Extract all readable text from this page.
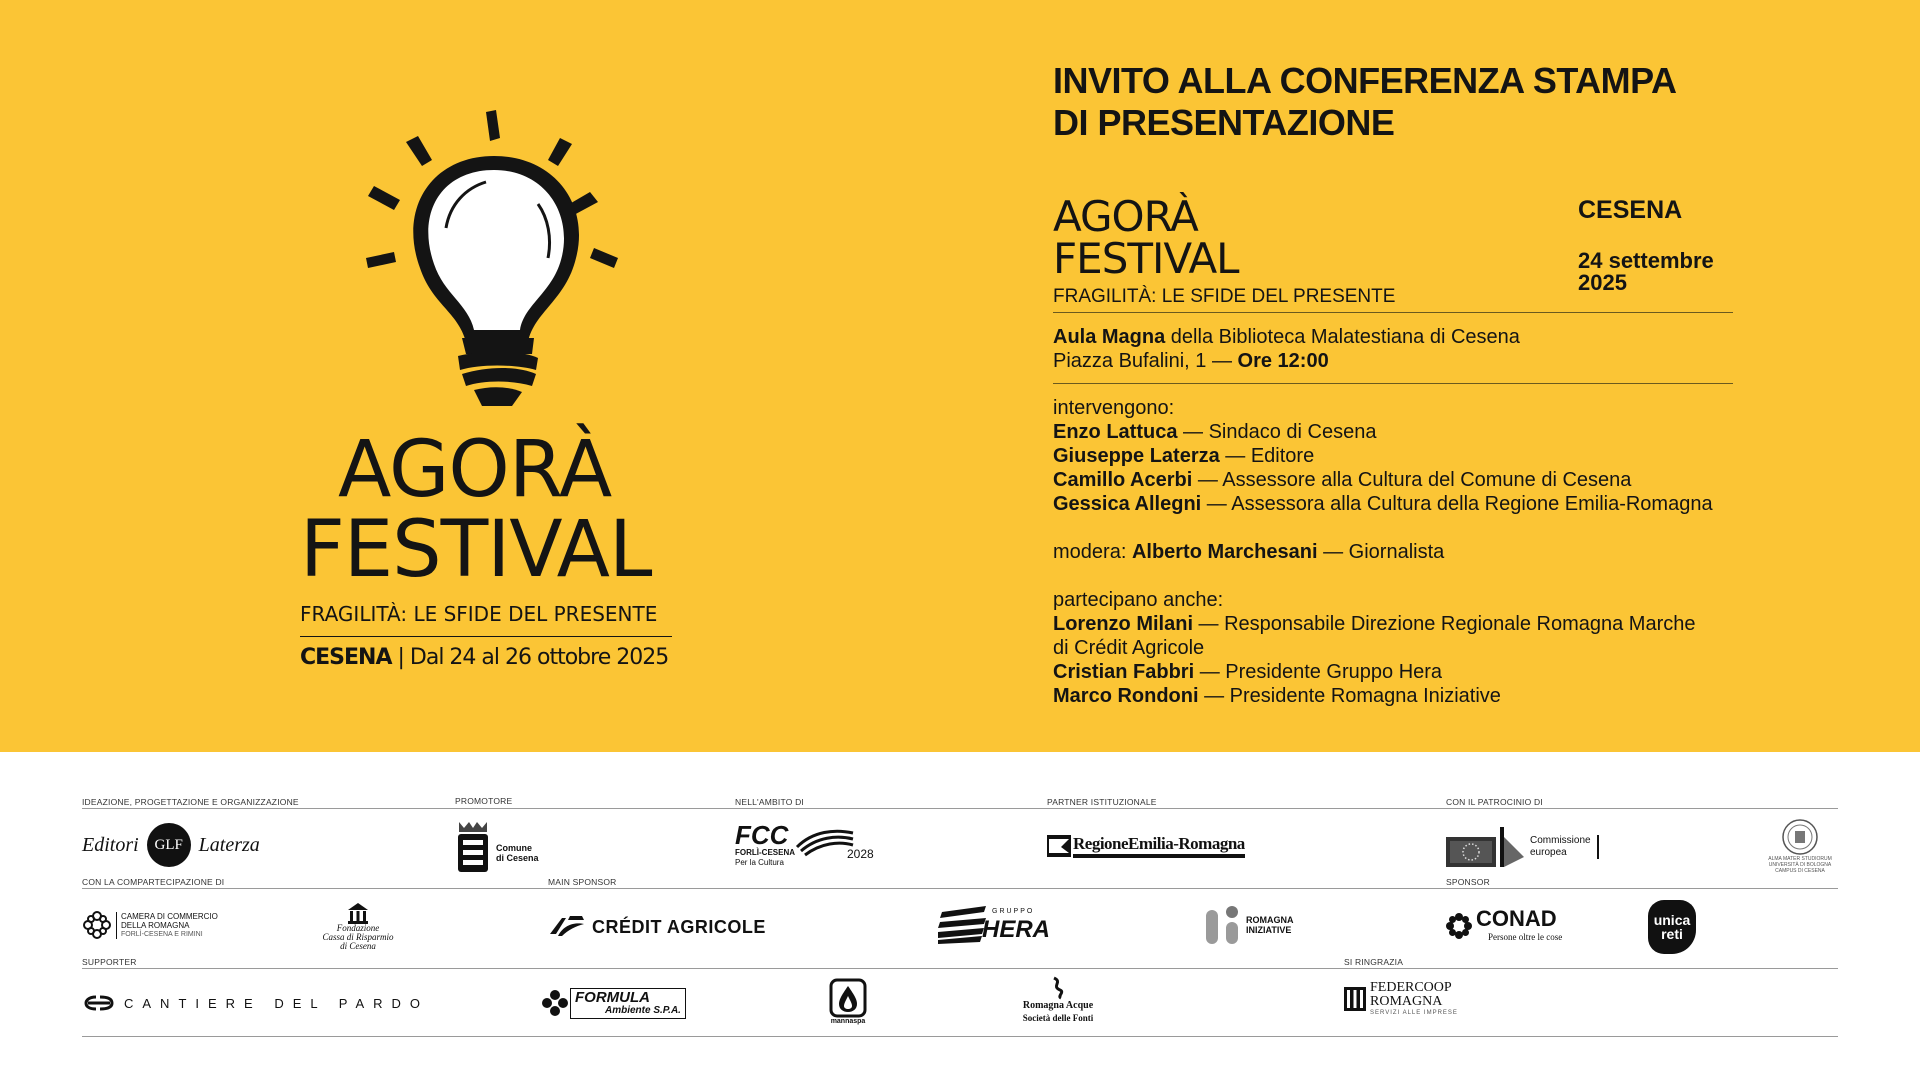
AGORÀ
FESTIVAL
FRAGILITÀ: LE SFIDE DEL PRESENTE
CESENA | Dal 24 al 26 ottobre 2025
INVITO ALLA CONFERENZA STAMPA
DI PRESENTAZIONE
AGORÀ
FESTIVAL
FRAGILITÀ: LE SFIDE DEL PRESENTE
CESENA
24 settembre
2025
Aula Magna della Biblioteca Malatestiana di Cesena
Piazza Bufalini, 1 — Ore 12:00
intervengono:
Enzo Lattuca — Sindaco di Cesena
Giuseppe Laterza — Editore
Camillo Acerbi — Assessore alla Cultura del Comune di Cesena
Gessica Allegni — Assessora alla Cultura della Regione Emilia-Romagna
modera: Alberto Marchesani — Giornalista
partecipano anche:
Lorenzo Milani — Responsabile Direzione Regionale Romagna Marche
di Crédit Agricole
Cristian Fabbri — Presidente Gruppo Hera
Marco Rondoni — Presidente Romagna Iniziative
IDEAZIONE, PROGETTAZIONE E ORGANIZZAZIONE	PROMOTORE	NELL'AMBITO DI	PARTNER ISTITUZIONALE	CON IL PATROCINIO DI
Editori	GLF Laterza	Comune
di Cesena
FCC
FORLÌ-CESENA
Per la Cultura
2028
RegioneEmilia-Romagna	Commissione
europea
ALMA MATER STUDIORUM
UNIVERSITÀ DI BOLOGNA
CAMPUS DI CESENA
CON LA COMPARTECIPAZIONE DI	MAIN SPONSOR	SPONSOR
CAMERA DI COMMERCIO
DELLA ROMAGNA
FORLÌ-CESENA E RIMINI
Fondazione
Cassa di Risparmio
di Cesena
CRÉDIT AGRICOLE
GRUPPO
HERA	ROMAGNA
INIZIATIVE	CONAD
Persone oltre le cose
unica
reti
SUPPORTER	SI RINGRAZIA
CANTIERE DEL PARDO	FORMULA
Ambiente S.P.A.
mannaspa
Romagna Acque
Società delle Fonti
FEDERCOOP
ROMAGNA
SERVIZI ALLE IMPRESE
